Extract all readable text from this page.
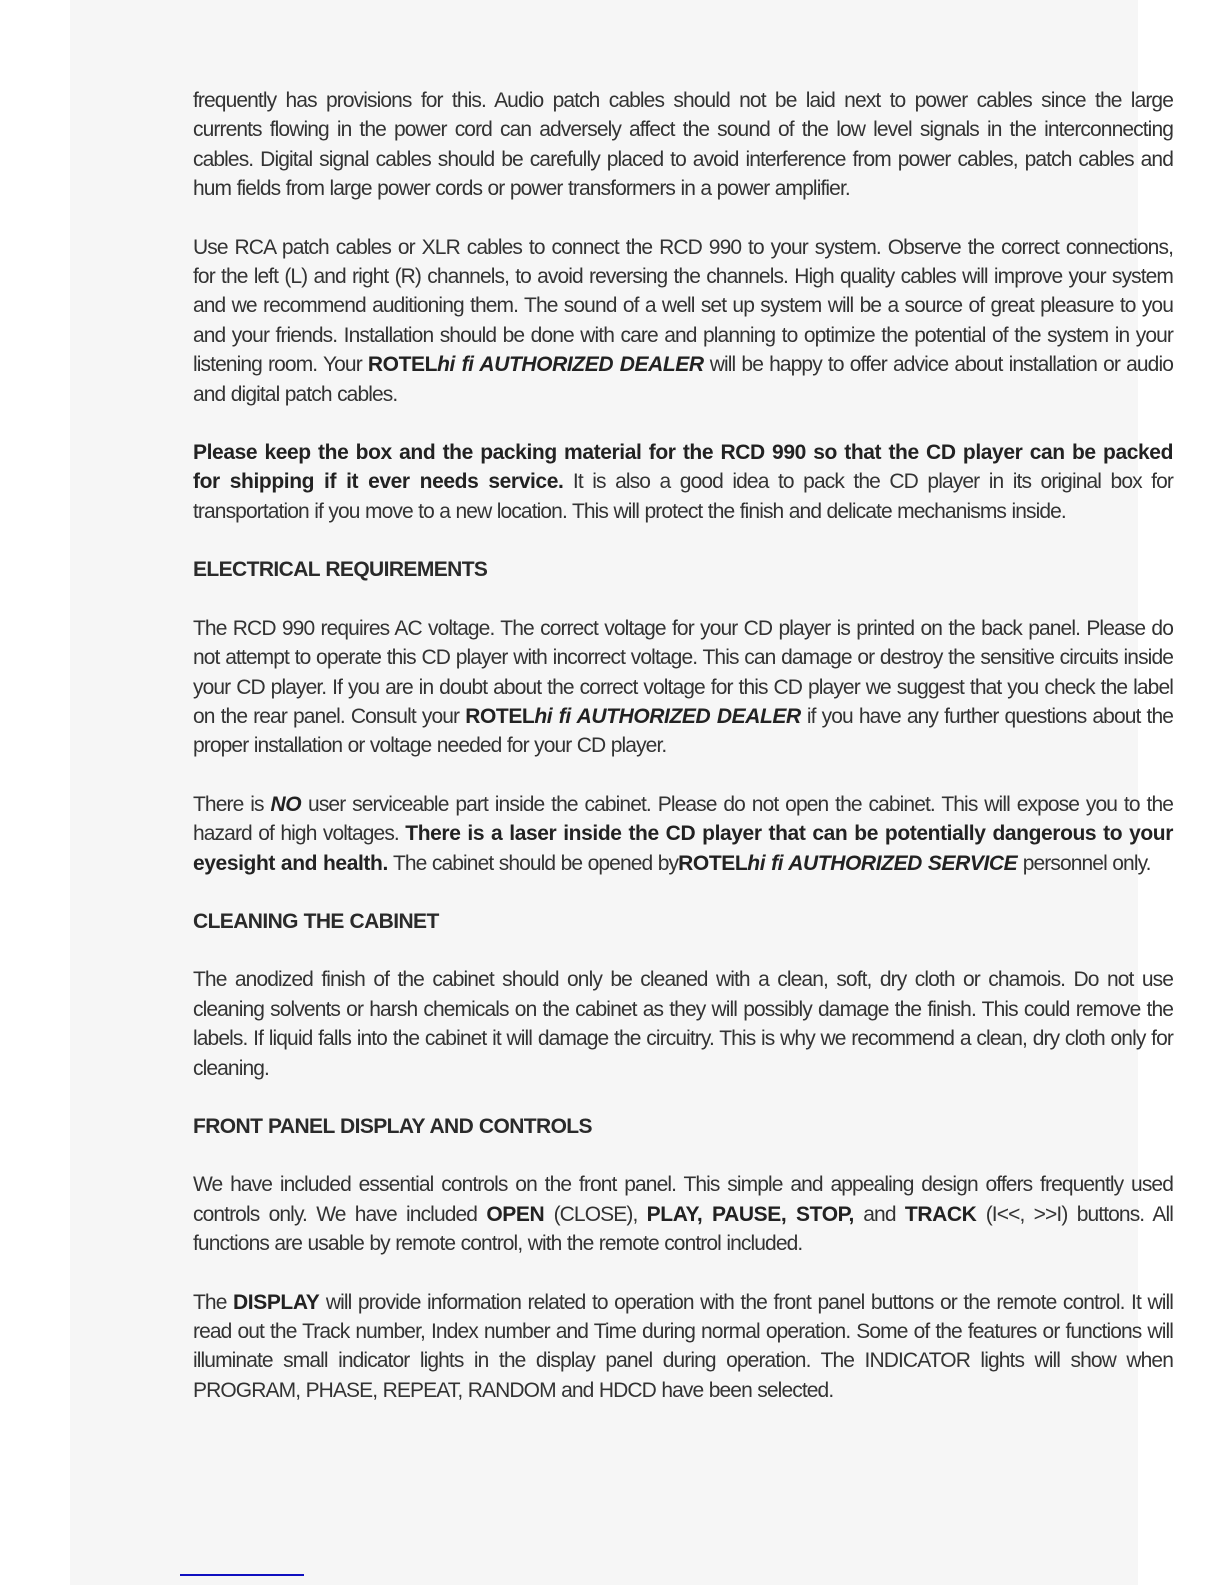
frequently has provisions for this. Audio patch cables should not be laid next to power cables since the large currents flowing in the power cord can adversely affect the sound of the low level signals in the interconnecting cables. Digital signal cables should be carefully placed to avoid interference from power cables, patch cables and hum fields from large power cords or power transformers in a power amplifier.

Use RCA patch cables or XLR cables to connect the RCD 990 to your system. Observe the correct connections, for the left (L) and right (R) channels, to avoid reversing the channels. High quality cables will improve your system and we recommend auditioning them. The sound of a well set up system will be a source of great pleasure to you and your friends. Installation should be done with care and planning to optimize the potential of the system in your listening room. Your ROTELhi fi AUTHORIZED DEALER will be happy to offer advice about installation or audio and digital patch cables.

Please keep the box and the packing material for the RCD 990 so that the CD player can be packed for shipping if it ever needs service. It is also a good idea to pack the CD player in its original box for transportation if you move to a new location. This will protect the finish and delicate mechanisms inside.

ELECTRICAL REQUIREMENTS

The RCD 990 requires AC voltage. The correct voltage for your CD player is printed on the back panel. Please do not attempt to operate this CD player with incorrect voltage. This can damage or destroy the sensitive circuits inside your CD player. If you are in doubt about the correct voltage for this CD player we suggest that you check the label on the rear panel. Consult your ROTELhi fi AUTHORIZED DEALER if you have any further questions about the proper installation or voltage needed for your CD player.

There is NO user serviceable part inside the cabinet. Please do not open the cabinet. This will expose you to the hazard of high voltages. There is a laser inside the CD player that can be potentially dangerous to your eyesight and health. The cabinet should be opened byROTELhi fi AUTHORIZED SERVICE personnel only.

CLEANING THE CABINET

The anodized finish of the cabinet should only be cleaned with a clean, soft, dry cloth or chamois. Do not use cleaning solvents or harsh chemicals on the cabinet as they will possibly damage the finish. This could remove the labels. If liquid falls into the cabinet it will damage the circuitry. This is why we recommend a clean, dry cloth only for cleaning.

FRONT PANEL DISPLAY AND CONTROLS

We have included essential controls on the front panel. This simple and appealing design offers frequently used controls only. We have included OPEN (CLOSE), PLAY, PAUSE, STOP, and TRACK (I<<, >>I) buttons. All functions are usable by remote control, with the remote control included.

The DISPLAY will provide information related to operation with the front panel buttons or the remote control. It will read out the Track number, Index number and Time during normal operation. Some of the features or functions will illuminate small indicator lights in the display panel during operation. The INDICATOR lights will show when PROGRAM, PHASE, REPEAT, RANDOM and HDCD have been selected.
